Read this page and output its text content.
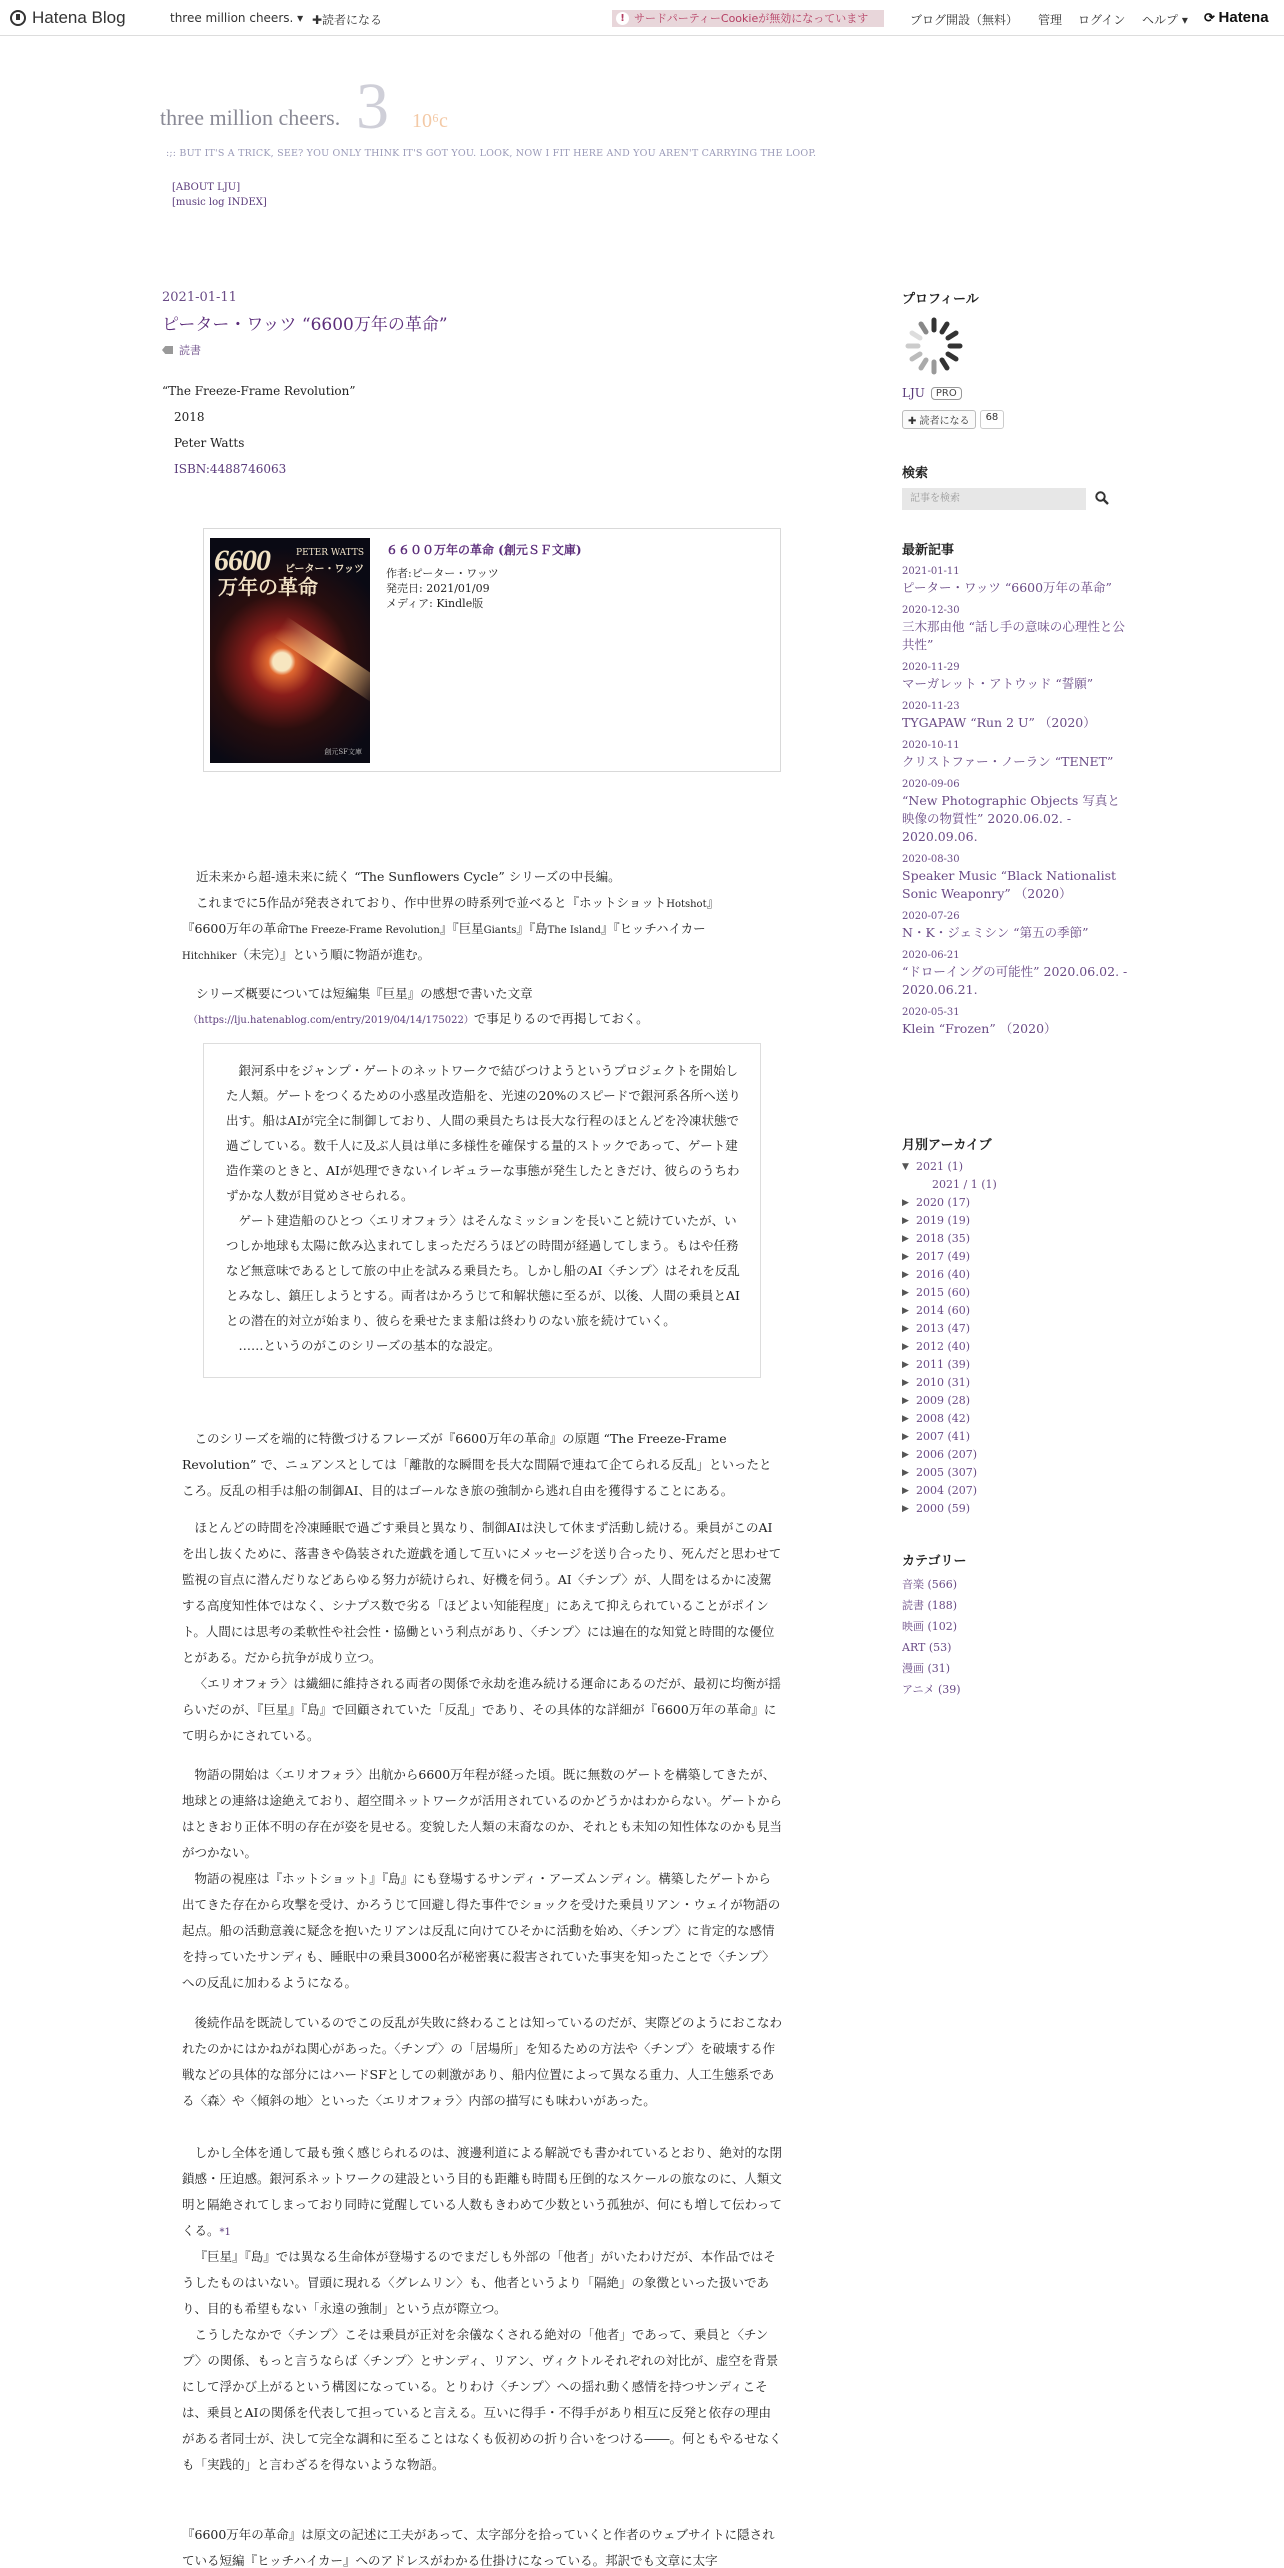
Hatena Blog	three million cheers. ▾ ✚読者になる	! サードパーティーCookieが無効になっています	ブログ開設（無料） 管理 ログイン ヘルプ ▾ ⟳ Hatena
3 10⁶c
three million cheers.
:;: BUT IT'S A TRICK, SEE? YOU ONLY THINK IT'S GOT YOU. LOOK, NOW I FIT HERE AND YOU AREN'T CARRYING THE LOOP.
[ABOUT LJU]
[music log INDEX]
2021-01-11
ピーター・ワッツ “6600万年の革命”
読書
“The Freeze-Frame Revolution”
2018
Peter Watts
ISBN:4488746063
6600
万年の革命
PETER WATTS
ピーター・ワッツ
創元SF文庫
６６００万年の革命 (創元ＳＦ文庫)
作者:ピーター・ワッツ
発売日: 2021/01/09
メディア: Kindle版
近未来から超-遠未来に続く “The Sunflowers Cycle” シリーズの中長編。
これまでに5作品が発表されており、作中世界の時系列で並べると『ホットショットHotshot』
『6600万年の革命The Freeze-Frame Revolution』『巨星Giants』『島The Island』『ヒッチハイカー
Hitchhiker（未完）』という順に物語が進む。
シリーズ概要については短編集『巨星』の感想で書いた文章
（https://lju.hatenablog.com/entry/2019/04/14/175022）で事足りるので再掲しておく。

銀河系中をジャンプ・ゲートのネットワークで結びつけようというプロジェクトを開始した人類。ゲートをつくるための小惑星改造船を、光速の20%のスピードで銀河系各所へ送り出す。船はAIが完全に制御しており、人間の乗員たちは長大な行程のほとんどを冷凍状態で過ごしている。数千人に及ぶ人員は単に多様性を確保する量的ストックであって、ゲート建造作業のときと、AIが処理できないイレギュラーな事態が発生したときだけ、彼らのうちわずかな人数が目覚めさせられる。

ゲート建造船のひとつ〈エリオフォラ〉はそんなミッションを長いこと続けていたが、いつしか地球も太陽に飲み込まれてしまっただろうほどの時間が経過してしまう。もはや任務など無意味であるとして旅の中止を試みる乗員たち。しかし船のAI〈チンプ〉はそれを反乱とみなし、鎮圧しようとする。両者はかろうじて和解状態に至るが、以後、人間の乗員とAIとの潜在的対立が始まり、彼らを乗せたまま船は終わりのない旅を続けていく。

……というのがこのシリーズの基本的な設定。

このシリーズを端的に特徴づけるフレーズが『6600万年の革命』の原題 “The Freeze-Frame Revolution” で、ニュアンスとしては「離散的な瞬間を長大な間隔で連ねて企てられる反乱」といったところ。反乱の相手は船の制御AI、目的はゴールなき旅の強制から逃れ自由を獲得することにある。
ほとんどの時間を冷凍睡眠で過ごす乗員と異なり、制御AIは決して休まず活動し続ける。乗員がこのAIを出し抜くために、落書きや偽装された遊戯を通して互いにメッセージを送り合ったり、死んだと思わせて監視の盲点に潜んだりなどあらゆる努力が続けられ、好機を伺う。AI〈チンプ〉が、人間をはるかに凌駕する高度知性体ではなく、シナプス数で劣る「ほどよい知能程度」にあえて抑えられていることがポイント。人間には思考の柔軟性や社会性・協働という利点があり、〈チンプ〉には遍在的な知覚と時間的な優位とがある。だから抗争が成り立つ。
〈エリオフォラ〉は繊細に維持される両者の関係で永劫を進み続ける運命にあるのだが、最初に均衡が揺らいだのが、『巨星』『島』で回顧されていた「反乱」であり、その具体的な詳細が『6600万年の革命』にて明らかにされている。
物語の開始は〈エリオフォラ〉出航から6600万年程が経った頃。既に無数のゲートを構築してきたが、地球との連絡は途絶えており、超空間ネットワークが活用されているのかどうかはわからない。ゲートからはときおり正体不明の存在が姿を見せる。変貌した人類の末裔なのか、それとも未知の知性体なのかも見当がつかない。
物語の視座は『ホットショット』『島』にも登場するサンディ・アーズムンディン。構築したゲートから出てきた存在から攻撃を受け、かろうじて回避し得た事件でショックを受けた乗員リアン・ウェイが物語の起点。船の活動意義に疑念を抱いたリアンは反乱に向けてひそかに活動を始め、〈チンプ〉に肯定的な感情を持っていたサンディも、睡眠中の乗員3000名が秘密裏に殺害されていた事実を知ったことで〈チンプ〉への反乱に加わるようになる。
後続作品を既読しているのでこの反乱が失敗に終わることは知っているのだが、実際どのようにおこなわれたのかにはかねがね関心があった。〈チンプ〉の「居場所」を知るための方法や〈チンプ〉を破壊する作戦などの具体的な部分にはハードSFとしての刺激があり、船内位置によって異なる重力、人工生態系である〈森〉や〈傾斜の地〉といった〈エリオフォラ〉内部の描写にも味わいがあった。
しかし全体を通して最も強く感じられるのは、渡邊利道による解説でも書かれているとおり、絶対的な閉鎖感・圧迫感。銀河系ネットワークの建設という目的も距離も時間も圧倒的なスケールの旅なのに、人類文明と隔絶されてしまっており同時に覚醒している人数もきわめて少数という孤独が、何にも増して伝わってくる。*1
『巨星』『島』では異なる生命体が登場するのでまだしも外部の「他者」がいたわけだが、本作品ではそうしたものはいない。冒頭に現れる〈グレムリン〉も、他者というより「隔絶」の象徴といった扱いであり、目的も希望もない「永遠の強制」という点が際立つ。
こうしたなかで〈チンプ〉こそは乗員が正対を余儀なくされる絶対の「他者」であって、乗員と〈チンプ〉の関係、もっと言うならば〈チンプ〉とサンディ、リアン、ヴィクトルそれぞれの対比が、虚空を背景にして浮かび上がるという構図になっている。とりわけ〈チンプ〉への揺れ動く感情を持つサンディこそは、乗員とAIの関係を代表して担っていると言える。互いに得手・不得手があり相互に反発と依存の理由がある者同士が、決して完全な調和に至ることはなくも仮初めの折り合いをつける――。何ともやるせなくも「実践的」と言わざるを得ないような物語。
『6600万年の革命』は原文の記述に工夫があって、太字部分を拾っていくと作者のウェブサイトに隠されている短編『ヒッチハイカー』へのアドレスがわかる仕掛けになっている。邦訳でも文章に太字
プロフィール
LJU	PRO
✚ 読者になる	68
検索
記事を検索
最新記事
2021-01-11
ピーター・ワッツ “6600万年の革命”
2020-12-30
三木那由他 “話し手の意味の心理性と公共性”
2020-11-29
マーガレット・アトウッド “誓願”
2020-11-23
TYGAPAW “Run 2 U” （2020）
2020-10-11
クリストファー・ノーラン “TENET”
2020-09-06
“New Photographic Objects 写真と映像の物質性” 2020.06.02. - 2020.09.06.
2020-08-30
Speaker Music “Black Nationalist Sonic Weaponry” （2020）
2020-07-26
N・K・ジェミシン “第五の季節”
2020-06-21
“ドローイングの可能性” 2020.06.02. - 2020.06.21.
2020-05-31
Klein “Frozen” （2020）
月別アーカイブ
▼ 2021 (1)
2021 / 1 (1)
▶ 2020 (17)
▶ 2019 (19)
▶ 2018 (35)
▶ 2017 (49)
▶ 2016 (40)
▶ 2015 (60)
▶ 2014 (60)
▶ 2013 (47)
▶ 2012 (40)
▶ 2011 (39)
▶ 2010 (31)
▶ 2009 (28)
▶ 2008 (42)
▶ 2007 (41)
▶ 2006 (207)
▶ 2005 (307)
▶ 2004 (207)
▶ 2000 (59)
カテゴリー
音楽 (566)
読書 (188)
映画 (102)
ART (53)
漫画 (31)
アニメ (39)
